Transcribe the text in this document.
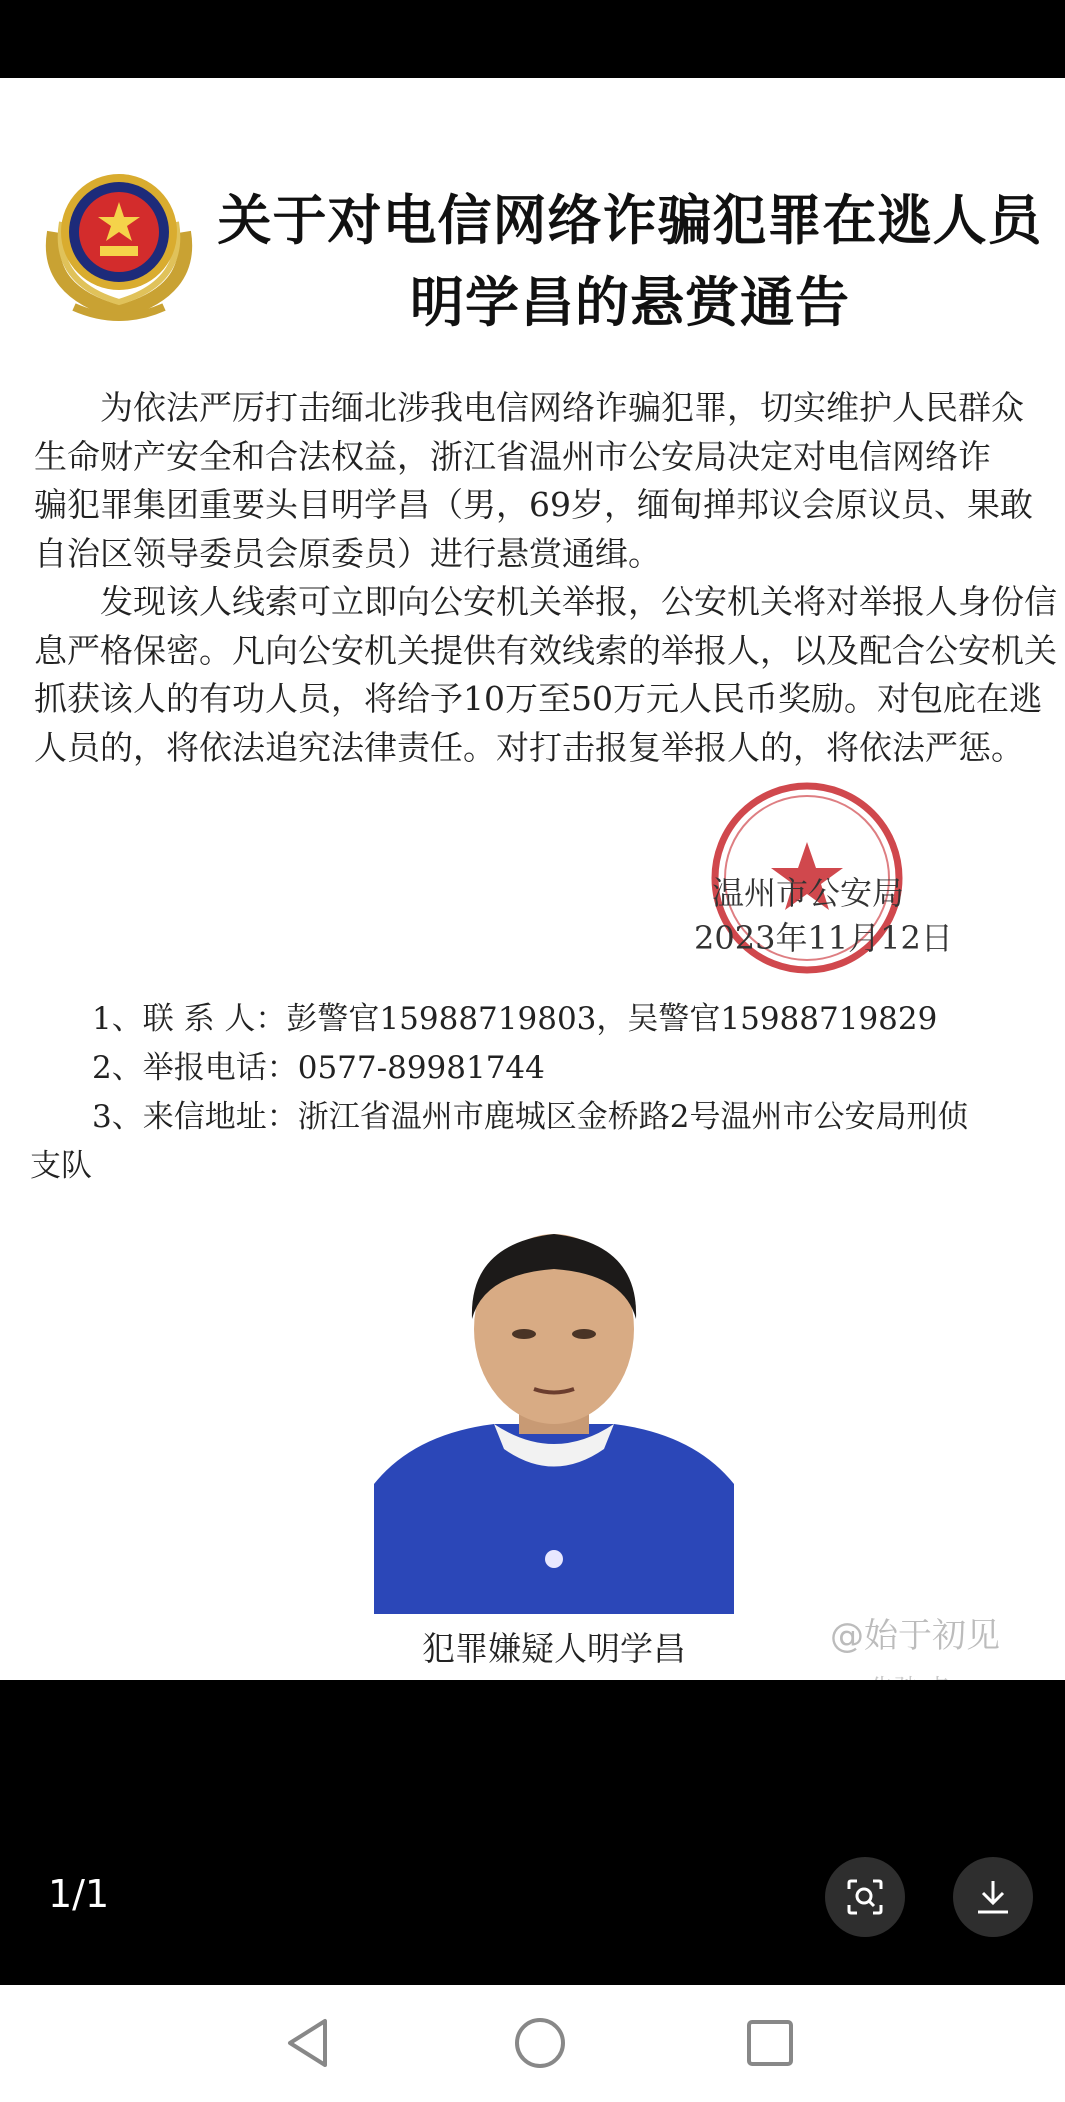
关于对电信网络诈骗犯罪在逃人员
明学昌的悬赏通告
　　为依法严厉打击缅北涉我电信网络诈骗犯罪，切实维护人民群众
生命财产安全和合法权益，浙江省温州市公安局决定对电信网络诈
骗犯罪集团重要头目明学昌（男，69岁，缅甸掸邦议会原议员、果敢
自治区领导委员会原委员）进行悬赏通缉。
　　发现该人线索可立即向公安机关举报，公安机关将对举报人身份信
息严格保密。凡向公安机关提供有效线索的举报人，以及配合公安机关
抓获该人的有功人员，将给予10万至50万元人民币奖励。对包庇在逃
人员的，将依法追究法律责任。对打击报复举报人的，将依法严惩。
温州市公安局
2023年11月12日
　　1、联 系 人：彭警官15988719803，吴警官15988719829
　　2、举报电话：0577-89981744
　　3、来信地址：浙江省温州市鹿城区金桥路2号温州市公安局刑侦
支队
犯罪嫌疑人明学昌	@始于初见
1/1
